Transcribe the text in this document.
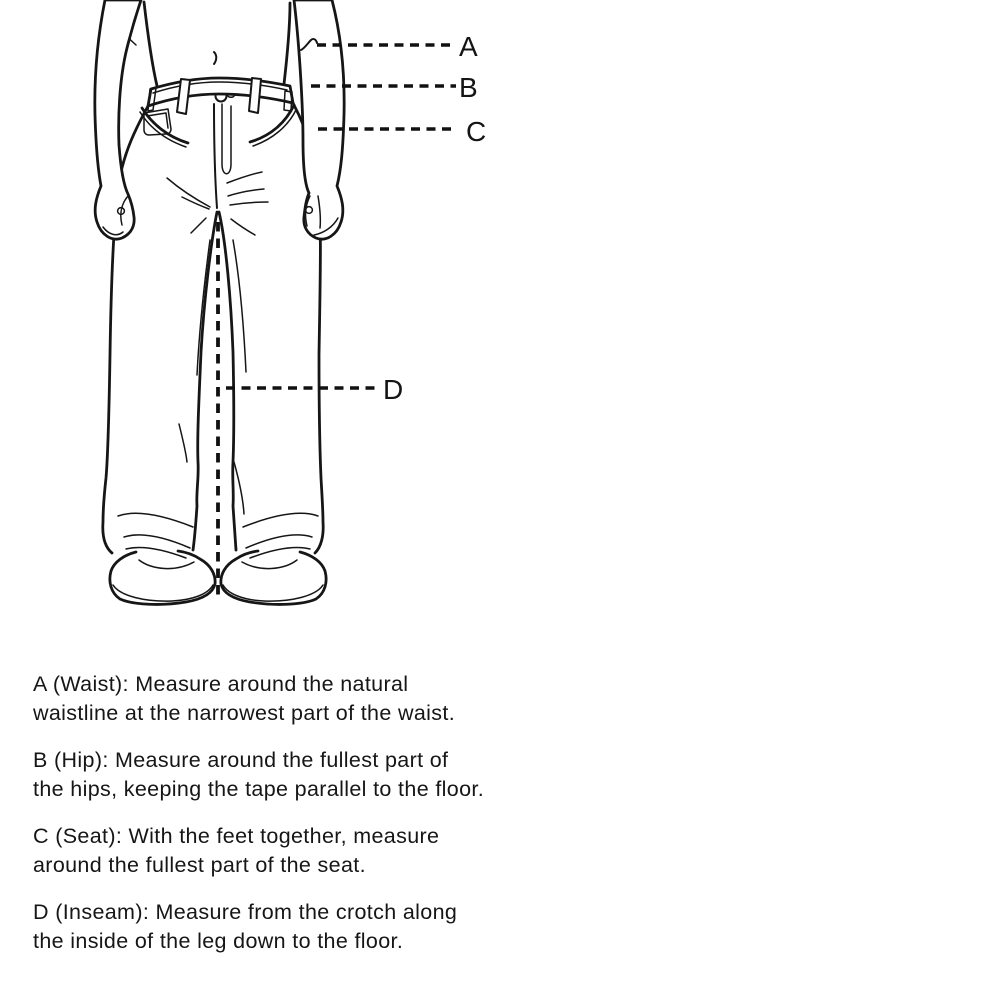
A
B
C
D
A (Waist): Measure around the natural
waistline at the narrowest part of the waist.
B (Hip): Measure around the fullest part of
the hips, keeping the tape parallel to the floor.
C (Seat): With the feet together, measure
around the fullest part of the seat.
D (Inseam): Measure from the crotch along
the inside of the leg down to the floor.
